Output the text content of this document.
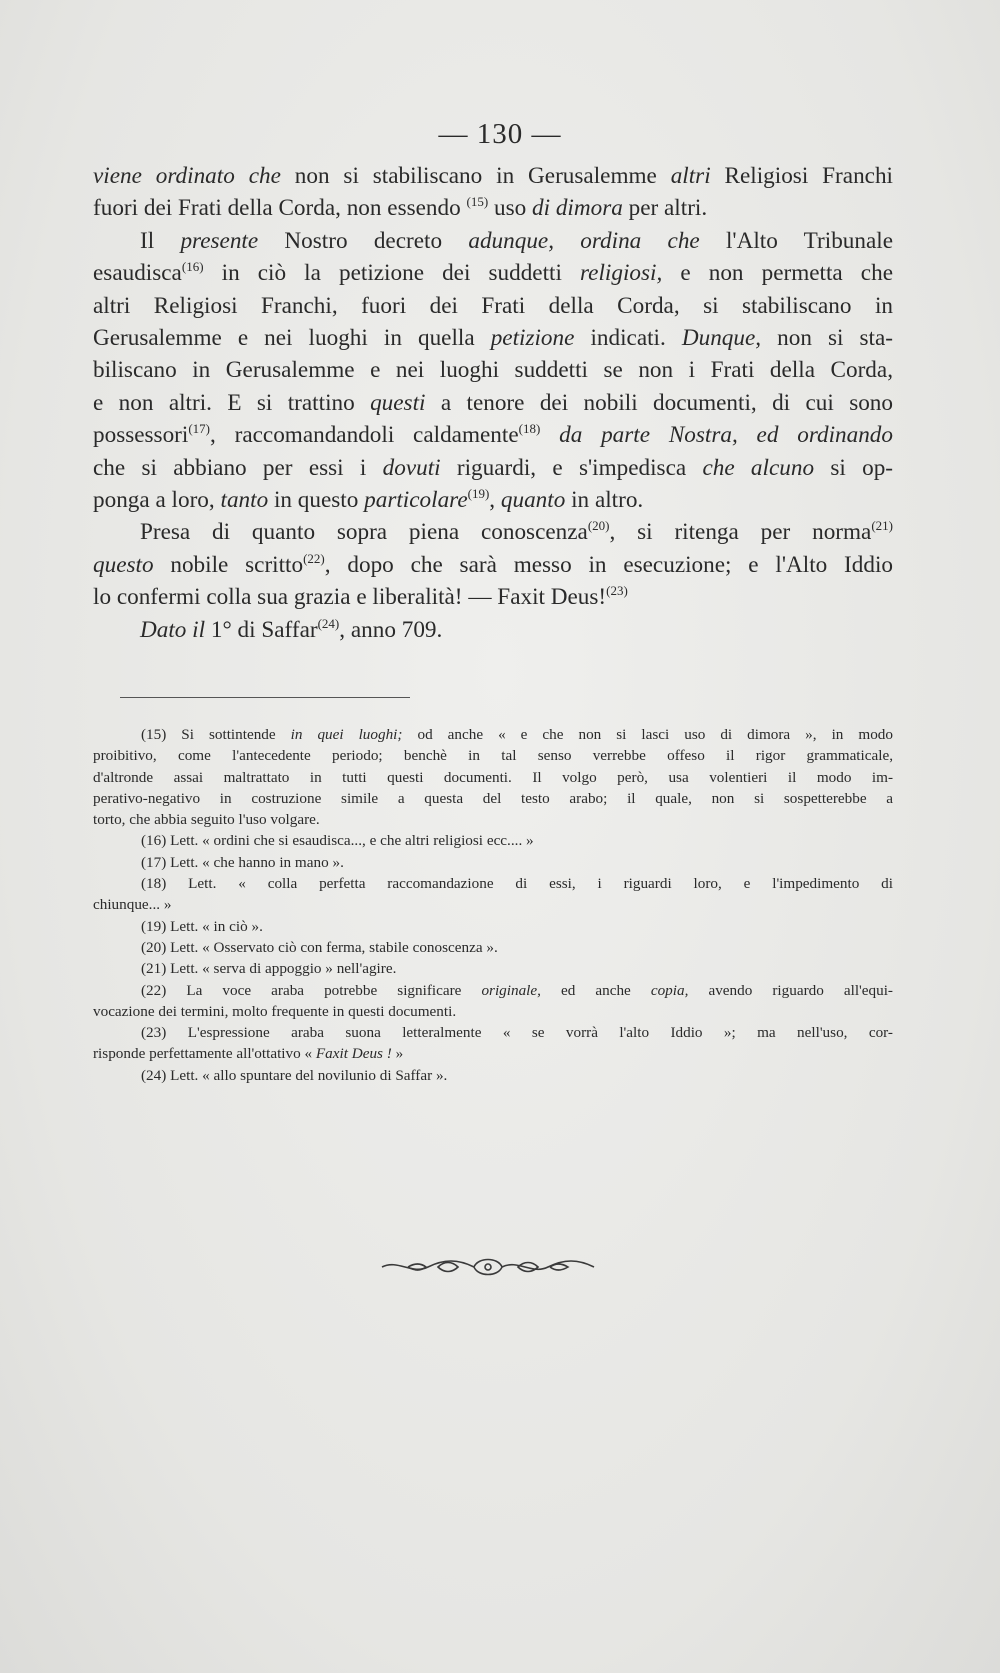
— 130 —

viene ordinato che non si stabiliscano in Gerusalemme altri Religiosi Franchi
fuori dei Frati della Corda, non essendo $^{(15)}$ uso di dimora per altri.

Il presente Nostro decreto adunque, ordina che l'Alto Tribunale
esaudisca$^{(16)}$ in ciò la petizione dei suddetti religiosi, e non permetta che
altri Religiosi Franchi, fuori dei Frati della Corda, si stabiliscano in
Gerusalemme e nei luoghi in quella petizione indicati. Dunque, non si sta-
biliscano in Gerusalemme e nei luoghi suddetti se non i Frati della Corda,
e non altri. E si trattino questi a tenore dei nobili documenti, di cui sono
possessori$^{(17)}$, raccomandandoli caldamente$^{(18)}$ da parte Nostra, ed ordinando
che si abbiano per essi i dovuti riguardi, e s'impedisca che alcuno si op-
ponga a loro, tanto in questo particolare$^{(19)}$, quanto in altro.
Presa di quanto sopra piena conoscenza$^{(20)}$, si ritenga per norma$^{(21)}$
questo nobile scritto$^{(22)}$, dopo che sarà messo in esecuzione; e l'Alto Iddio
lo confermi colla sua grazia e liberalità! — Faxit Deus!$^{(23)}$
Dato il 1° di Saffar$^{(24)}$, anno 709.
(15) Si sottintende in quei luoghi; od anche « e che non si lasci uso di dimora », in modo
proibitivo, come l'antecedente periodo; benchè in tal senso verrebbe offeso il rigor grammaticale,
d'altronde assai maltrattato in tutti questi documenti. Il volgo però, usa volentieri il modo im-
perativo-negativo in costruzione simile a questa del testo arabo; il quale, non si sospetterebbe a
torto, che abbia seguito l'uso volgare.
(16) Lett. « ordini che si esaudisca..., e che altri religiosi ecc.... »
(17) Lett. « che hanno in mano ».
(18) Lett. « colla perfetta raccomandazione di essi, i riguardi loro, e l'impedimento di
chiunque... »
(19) Lett. « in ciò ».
(20) Lett. « Osservato ciò con ferma, stabile conoscenza ».
(21) Lett. « serva di appoggio » nell'agire.
(22) La voce araba potrebbe significare originale, ed anche copia, avendo riguardo all'equi-
vocazione dei termini, molto frequente in questi documenti.
(23) L'espressione araba suona letteralmente « se vorrà l'alto Iddio »; ma nell'uso, cor-
risponde perfettamente all'ottativo « Faxit Deus ! »
(24) Lett. « allo spuntare del novilunio di Saffar ».
